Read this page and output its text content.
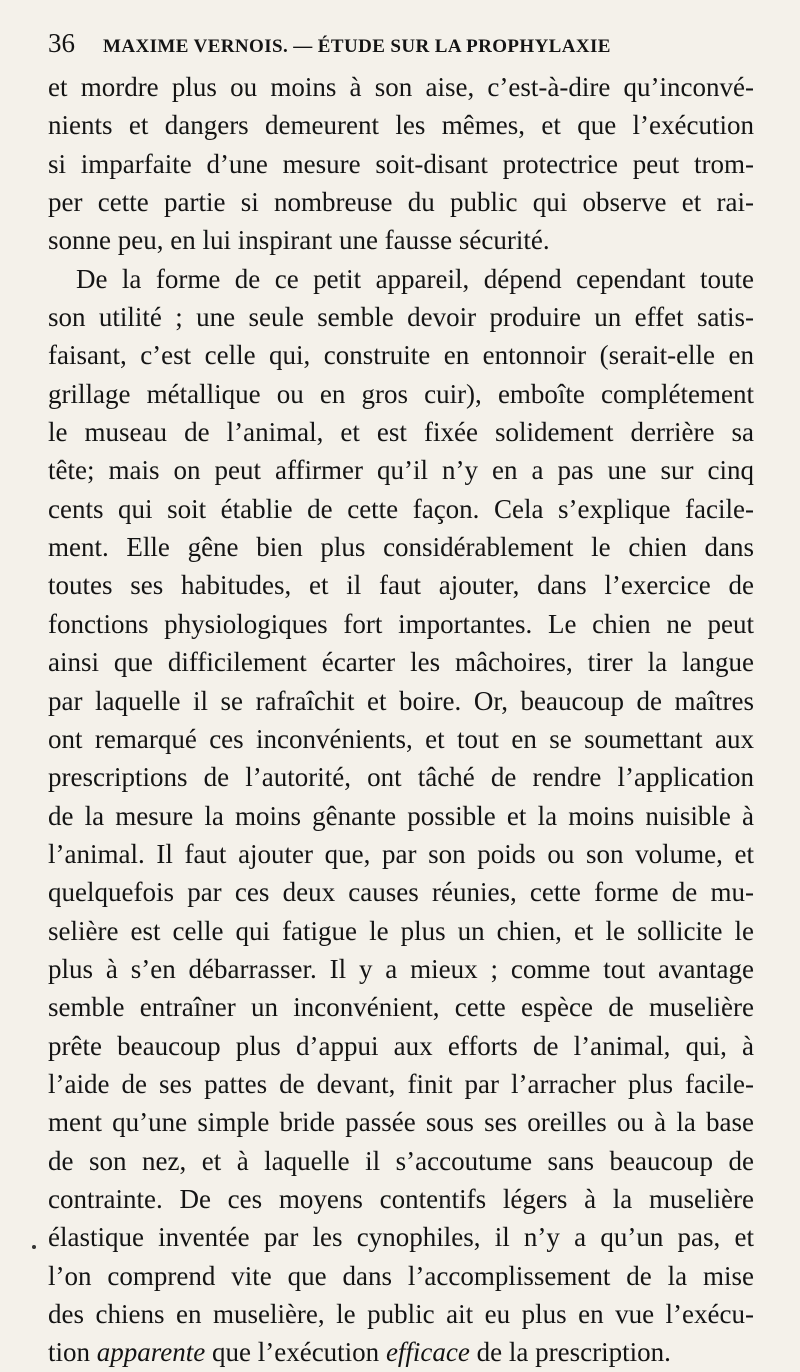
36 MAXIME VERNOIS. — ÉTUDE SUR LA PROPHYLAXIE
et mordre plus ou moins à son aise, c’est-à-dire qu’inconvé-
nients et dangers demeurent les mêmes, et que l’exécution
si imparfaite d’une mesure soit-disant protectrice peut trom-
per cette partie si nombreuse du public qui observe et rai-
sonne peu, en lui inspirant une fausse sécurité.
De la forme de ce petit appareil, dépend cependant toute
son utilité ; une seule semble devoir produire un effet satis-
faisant, c’est celle qui, construite en entonnoir (serait-elle en
grillage métallique ou en gros cuir), emboîte complétement
le museau de l’animal, et est fixée solidement derrière sa
tête; mais on peut affirmer qu’il n’y en a pas une sur cinq
cents qui soit établie de cette façon. Cela s’explique facile-
ment. Elle gêne bien plus considérablement le chien dans
toutes ses habitudes, et il faut ajouter, dans l’exercice de
fonctions physiologiques fort importantes. Le chien ne peut
ainsi que difficilement écarter les mâchoires, tirer la langue
par laquelle il se rafraîchit et boire. Or, beaucoup de maîtres
ont remarqué ces inconvénients, et tout en se soumettant aux
prescriptions de l’autorité, ont tâché de rendre l’application
de la mesure la moins gênante possible et la moins nuisible à
l’animal. Il faut ajouter que, par son poids ou son volume, et
quelquefois par ces deux causes réunies, cette forme de mu-
selière est celle qui fatigue le plus un chien, et le sollicite le
plus à s’en débarrasser. Il y a mieux ; comme tout avantage
semble entraîner un inconvénient, cette espèce de muselière
prête beaucoup plus d’appui aux efforts de l’animal, qui, à
l’aide de ses pattes de devant, finit par l’arracher plus facile-
ment qu’une simple bride passée sous ses oreilles ou à la base
de son nez, et à laquelle il s’accoutume sans beaucoup de
contrainte. De ces moyens contentifs légers à la muselière
élastique inventée par les cynophiles, il n’y a qu’un pas, et
l’on comprend vite que dans l’accomplissement de la mise
des chiens en muselière, le public ait eu plus en vue l’exécu-
tion apparente que l’exécution efficace de la prescription.
